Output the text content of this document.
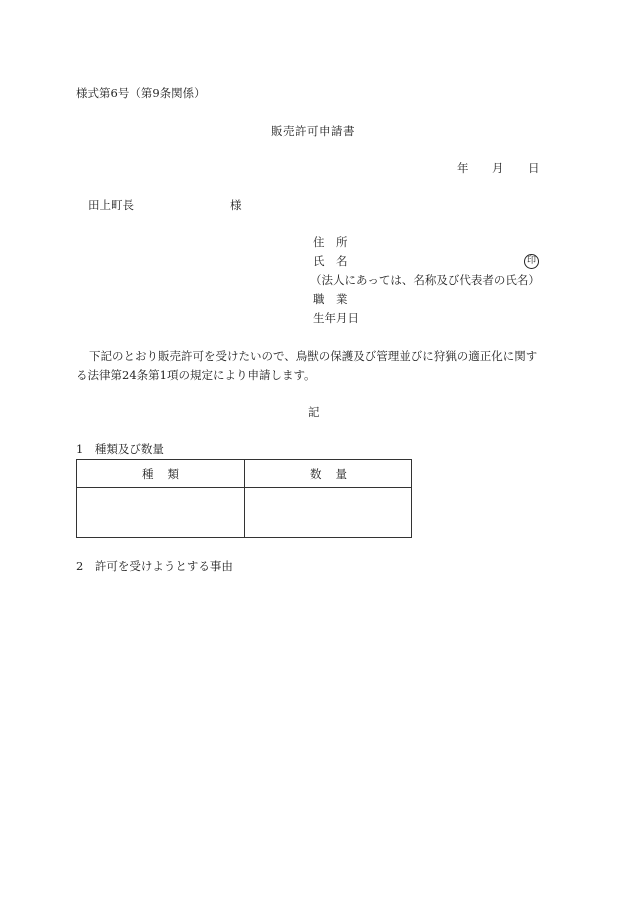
様式第6号（第9条関係）
販売許可申請書
年 月 日
田上町長	様
住　所
氏　名	印
（法人にあっては、名称及び代表者の氏名）
職　業
生年月日
下記のとおり販売許可を受けたいので、鳥獣の保護及び管理並びに狩猟の適正化に関す
る法律第24条第1項の規定により申請します。
記
1　種類及び数量
種類	数量
2　許可を受けようとする事由
